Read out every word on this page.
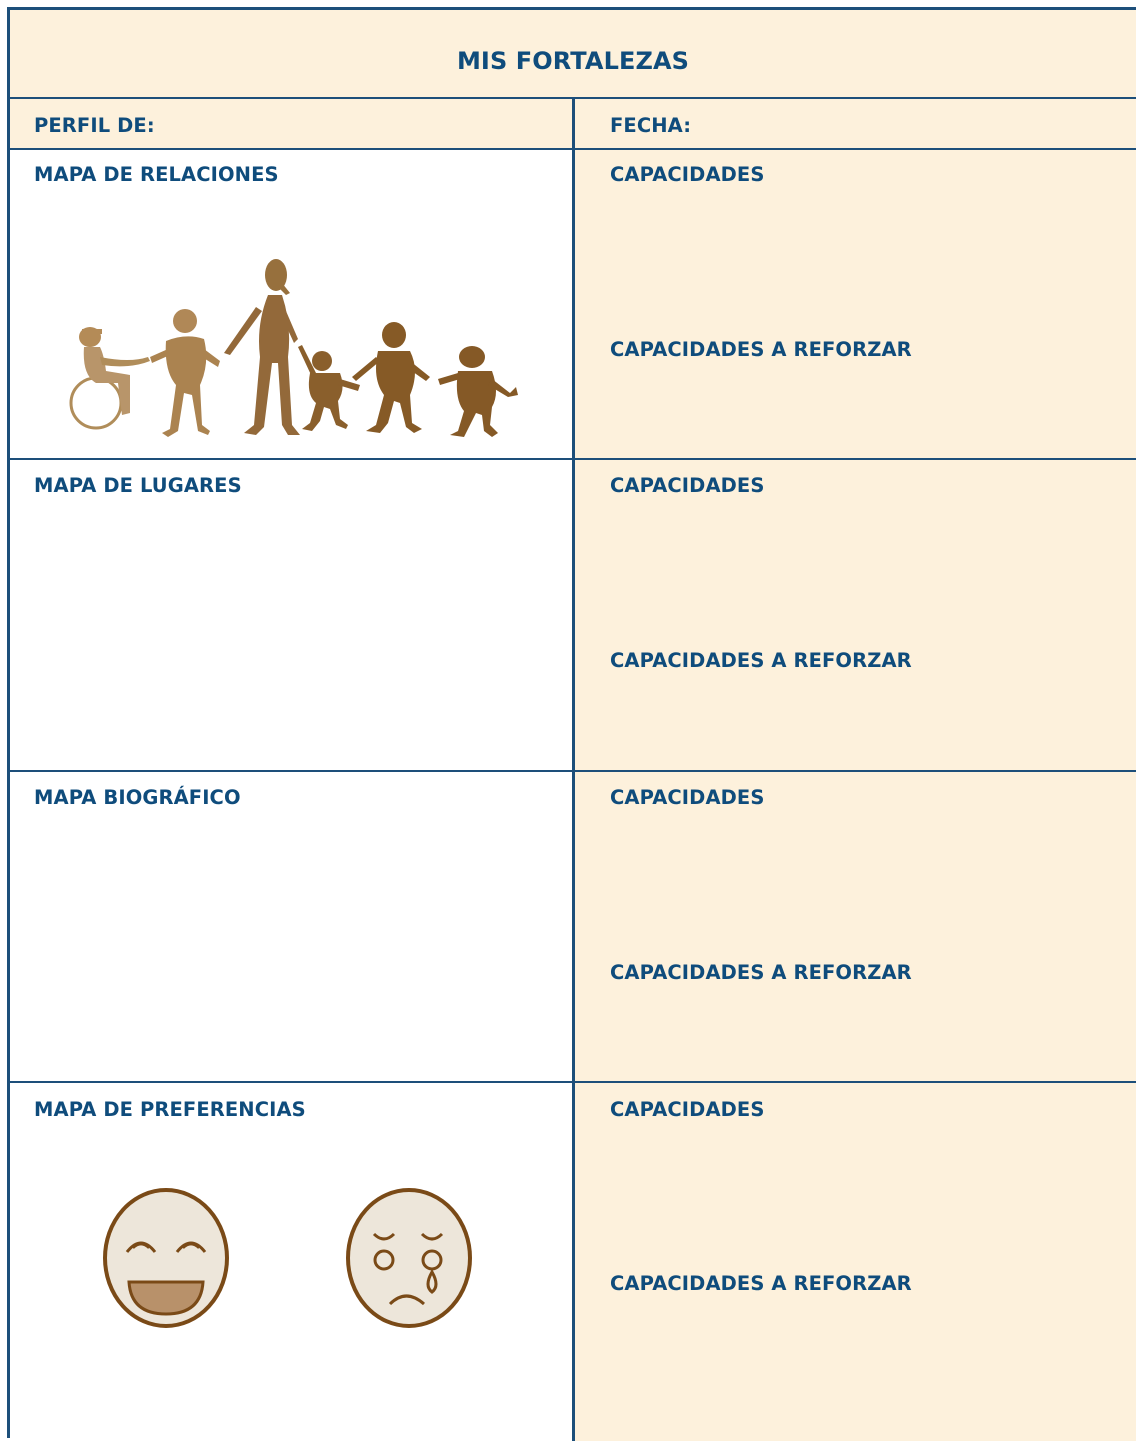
MIS FORTALEZAS
PERFIL DE:	FECHA:
MAPA DE RELACIONES	CAPACIDADES
CAPACIDADES A REFORZAR
MAPA DE LUGARES	CAPACIDADES
CAPACIDADES A REFORZAR
MAPA BIOGRÁFICO	CAPACIDADES
CAPACIDADES A REFORZAR
MAPA DE PREFERENCIAS	CAPACIDADES
CAPACIDADES A REFORZAR
